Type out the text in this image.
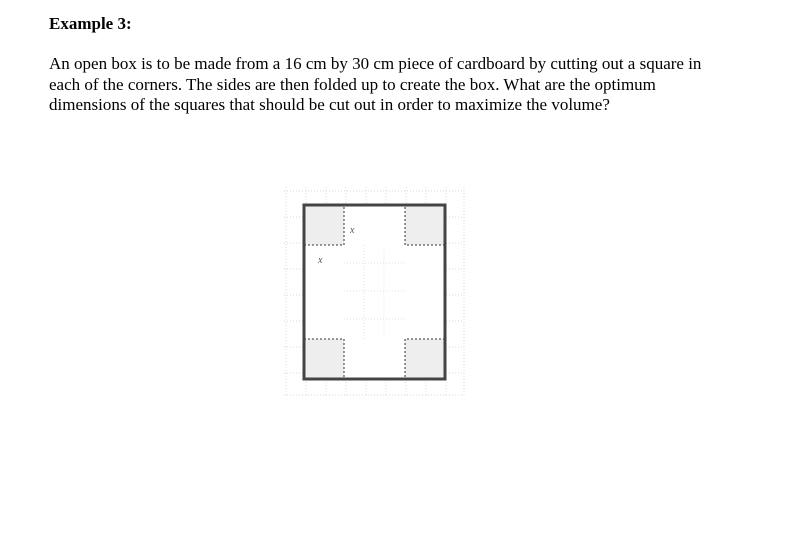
Example 3:

An open box is to be made from a 16 cm by 30 cm piece of cardboard by cutting out a square in each of the corners. The sides are then folded up to create the box. What are the optimum dimensions of the squares that should be cut out in order to maximize the volume?

x
x
